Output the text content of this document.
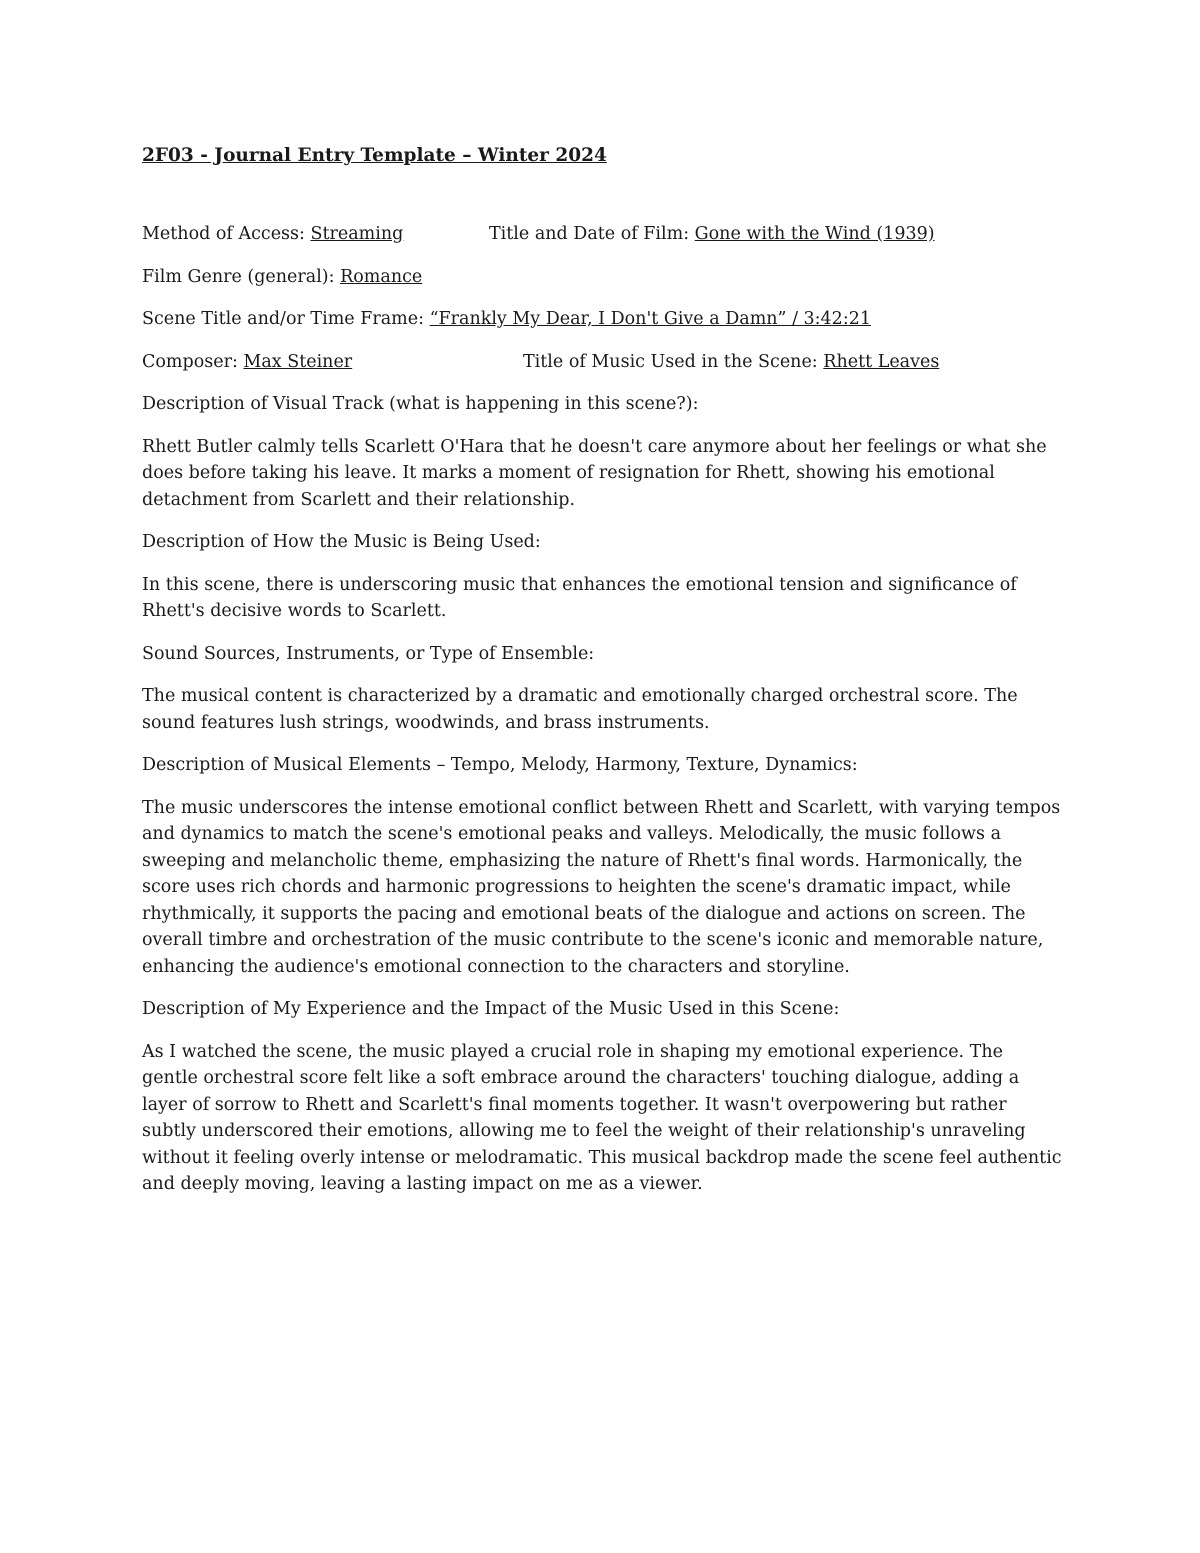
2F03 - Journal Entry Template – Winter 2024
Method of Access: Streaming	Title and Date of Film: Gone with the Wind (1939)
Film Genre (general): Romance
Scene Title and/or Time Frame: “Frankly My Dear, I Don't Give a Damn” / 3:42:21
Composer: Max Steiner	Title of Music Used in the Scene: Rhett Leaves

Description of Visual Track (what is happening in this scene?):

Rhett Butler calmly tells Scarlett O'Hara that he doesn't care anymore about her feelings or what she does before taking his leave. It marks a moment of resignation for Rhett, showing his emotional detachment from Scarlett and their relationship.

Description of How the Music is Being Used:

In this scene, there is underscoring music that enhances the emotional tension and significance of Rhett's decisive words to Scarlett.

Sound Sources, Instruments, or Type of Ensemble:

The musical content is characterized by a dramatic and emotionally charged orchestral score. The sound features lush strings, woodwinds, and brass instruments.

Description of Musical Elements – Tempo, Melody, Harmony, Texture, Dynamics:

The music underscores the intense emotional conflict between Rhett and Scarlett, with varying tempos and dynamics to match the scene's emotional peaks and valleys. Melodically, the music follows a sweeping and melancholic theme, emphasizing the nature of Rhett's final words. Harmonically, the score uses rich chords and harmonic progressions to heighten the scene's dramatic impact, while rhythmically, it supports the pacing and emotional beats of the dialogue and actions on screen. The overall timbre and orchestration of the music contribute to the scene's iconic and memorable nature, enhancing the audience's emotional connection to the characters and storyline.

Description of My Experience and the Impact of the Music Used in this Scene:

As I watched the scene, the music played a crucial role in shaping my emotional experience. The gentle orchestral score felt like a soft embrace around the characters' touching dialogue, adding a layer of sorrow to Rhett and Scarlett's final moments together. It wasn't overpowering but rather subtly underscored their emotions, allowing me to feel the weight of their relationship's unraveling without it feeling overly intense or melodramatic. This musical backdrop made the scene feel authentic and deeply moving, leaving a lasting impact on me as a viewer.
